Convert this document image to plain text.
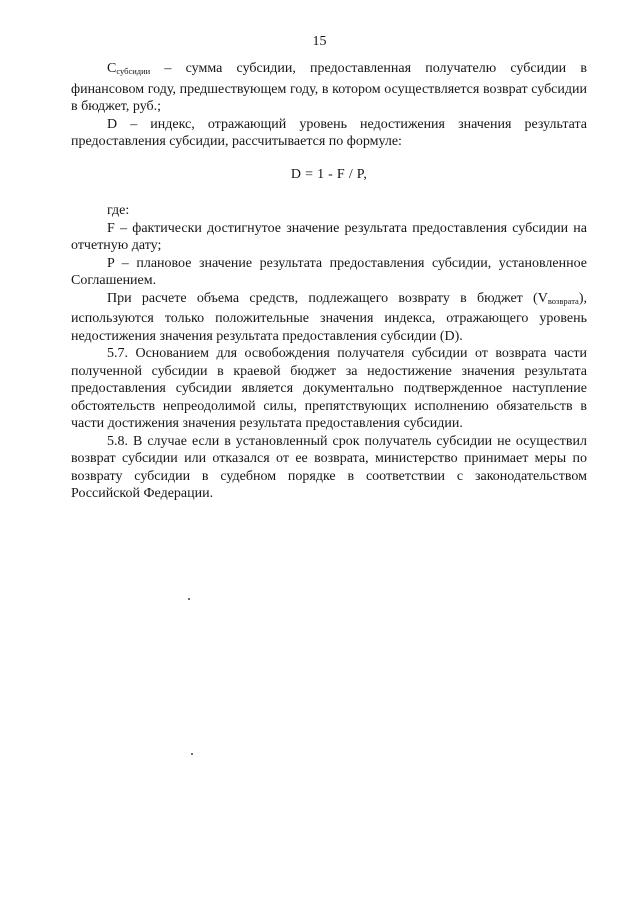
15

$С_{субсидии}$ – сумма субсидии, предоставленная получателю субсидии в финансовом году, предшествующем году, в котором осуществляется возврат субсидии в бюджет, руб.;

D – индекс, отражающий уровень недостижения значения результата предоставления субсидии, рассчитывается по формуле:

D = 1 - F / P,

где:

F – фактически достигнутое значение результата предоставления субсидии на отчетную дату;

P – плановое значение результата предоставления субсидии, установленное Соглашением.

При расчете объема средств, подлежащего возврату в бюджет $(V_{возврата})$, используются только положительные значения индекса, отражающего уровень недостижения значения результата предоставления субсидии (D).

5.7. Основанием для освобождения получателя субсидии от возврата части полученной субсидии в краевой бюджет за недостижение значения результата предоставления субсидии является документально подтвержденное наступление обстоятельств непреодолимой силы, препятствующих исполнению обязательств в части достижения значения результата предоставления субсидии.

5.8. В случае если в установленный срок получатель субсидии не осуществил возврат субсидии или отказался от ее возврата, министерство принимает меры по возврату субсидии в судебном порядке в соответствии с законодательством Российской Федерации.
